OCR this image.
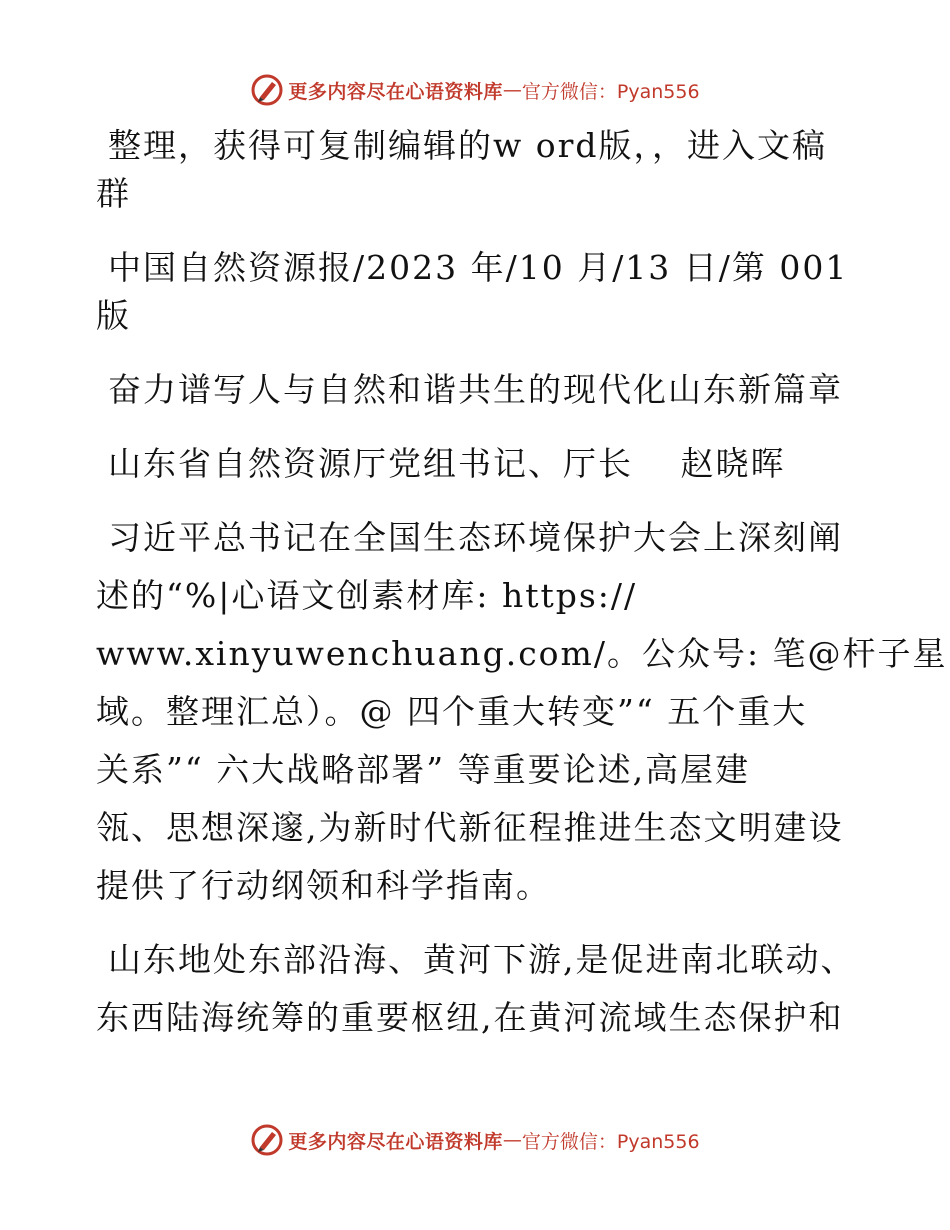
更多内容尽在心语资料库 — 官方微信：Pyan556
整理，获得可复制编辑的w ord版，，进入文稿
群
中国自然资源报/2023 年/10 月/13 日/第 001
版
奋力谱写人与自然和谐共生的现代化山东新篇章
山东省自然资源厅党组书记、厅长　 赵晓晖
习近平总书记在全国生态环境保护大会上深刻阐
述的“%|心语文创素材库: https://
www.xinyuwenchuang.com/。公众号: 笔@杆子星
域。整理汇总）。@ 四个重大转变”“ 五个重大
关系”“ 六大战略部署” 等重要论述,高屋建
瓴、思想深邃,为新时代新征程推进生态文明建设
提供了行动纲领和科学指南。
山东地处东部沿海、黄河下游,是促进南北联动、
东西陆海统筹的重要枢纽,在黄河流域生态保护和
更多内容尽在心语资料库 — 官方微信：Pyan556
